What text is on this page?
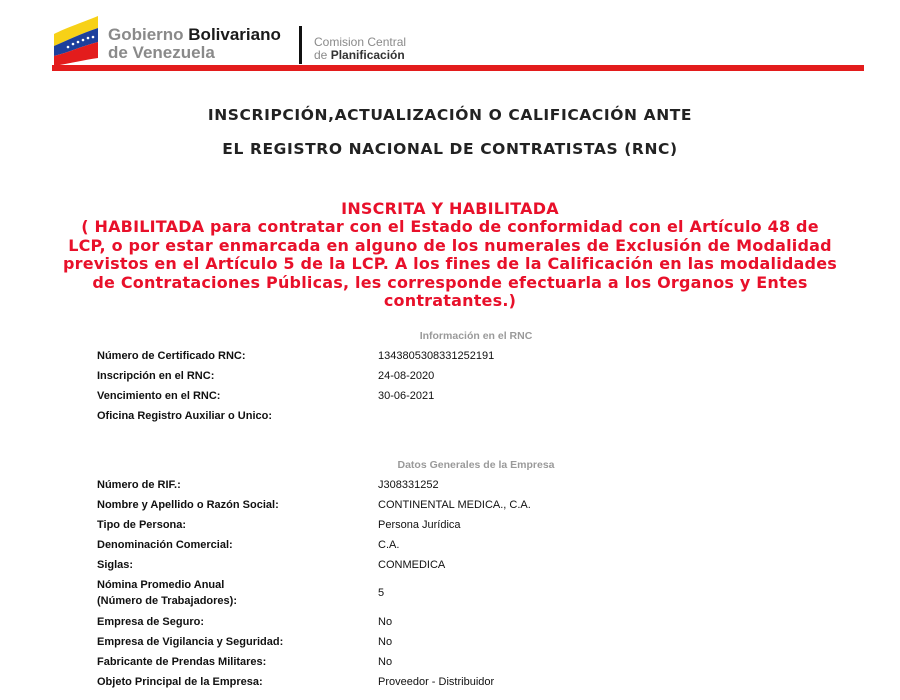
Gobierno Bolivariano
de Venezuela
Comision Central
de Planificación
INSCRIPCIÓN,ACTUALIZACIÓN O CALIFICACIÓN ANTE
EL REGISTRO NACIONAL DE CONTRATISTAS (RNC)
INSCRITA Y HABILITADA
( HABILITADA para contratar con el Estado de conformidad con el Artículo 48 de LCP, o por estar enmarcada en alguno de los numerales de Exclusión de Modalidad previstos en el Artículo 5 de la LCP. A los fines de la Calificación en las modalidades de Contrataciones Públicas, les corresponde efectuarla a los Organos y Entes contratantes.)
Información en el RNC
Número de Certificado RNC:	1343805308331252191
Inscripción en el RNC:	24-08-2020
Vencimiento en el RNC:	30-06-2021
Oficina Registro Auxiliar o Unico:
Datos Generales de la Empresa
Número de RIF.:	J308331252
Nombre y Apellido o Razón Social:	CONTINENTAL MEDICA., C.A.
Tipo de Persona:	Persona Jurídica
Denominación Comercial:	C.A.
Siglas:	CONMEDICA
Nómina Promedio Anual
(Número de Trabajadores):
5
Empresa de Seguro:	No
Empresa de Vigilancia y Seguridad:	No
Fabricante de Prendas Militares:	No
Objeto Principal de la Empresa:	Proveedor - Distribuidor
